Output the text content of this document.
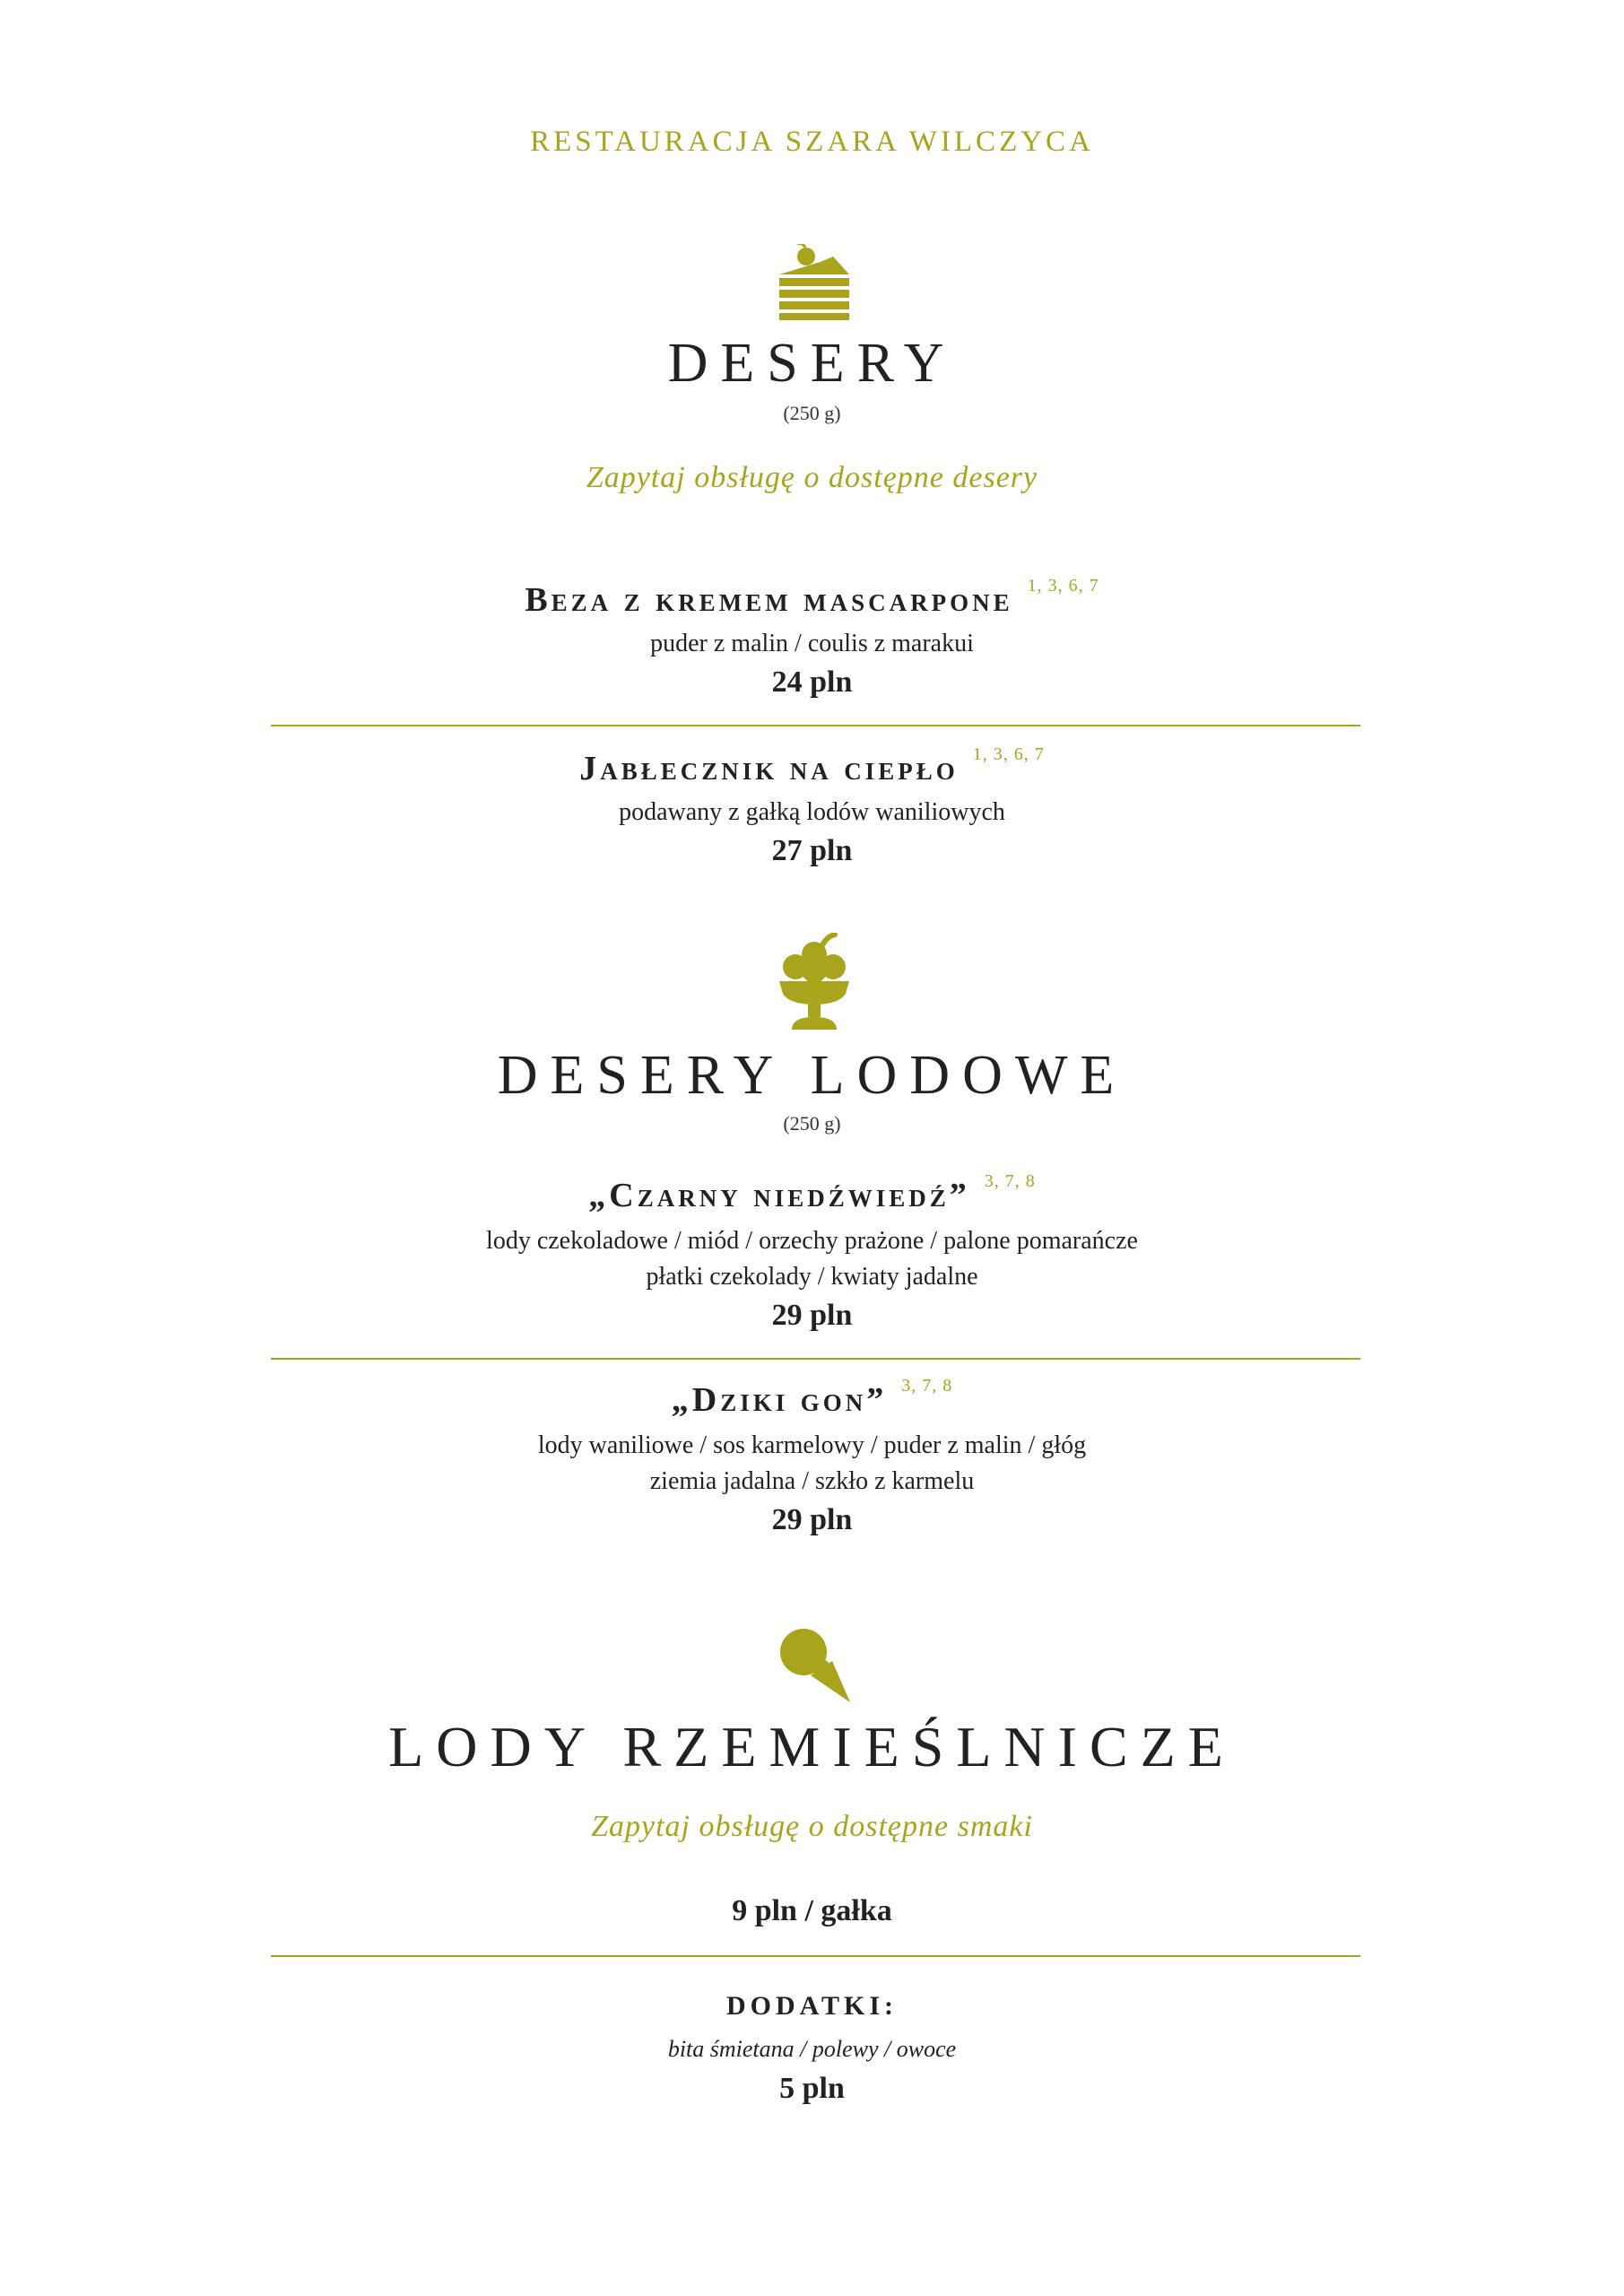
RESTAURACJA SZARA WILCZYCA
DESERY
(250 g)
Zapytaj obsługę o dostępne desery
Beza z kremem mascarpone $^{1, 3, 6, 7}$
puder z malin / coulis z marakui
24 pln
Jabłecznik na ciepło $^{1, 3, 6, 7}$
podawany z gałką lodów waniliowych
27 pln
DESERY LODOWE
(250 g)
„Czarny niedźwiedź” $^{3, 7, 8}$
lody czekoladowe / miód / orzechy prażone / palone pomarańcze
płatki czekolady / kwiaty jadalne
29 pln
„Dziki gon” $^{3, 7, 8}$
lody waniliowe / sos karmelowy / puder z malin / głóg
ziemia jadalna / szkło z karmelu
29 pln
LODY RZEMIEŚLNICZE
Zapytaj obsługę o dostępne smaki
9 pln / gałka
DODATKI:
bita śmietana / polewy / owoce
5 pln
